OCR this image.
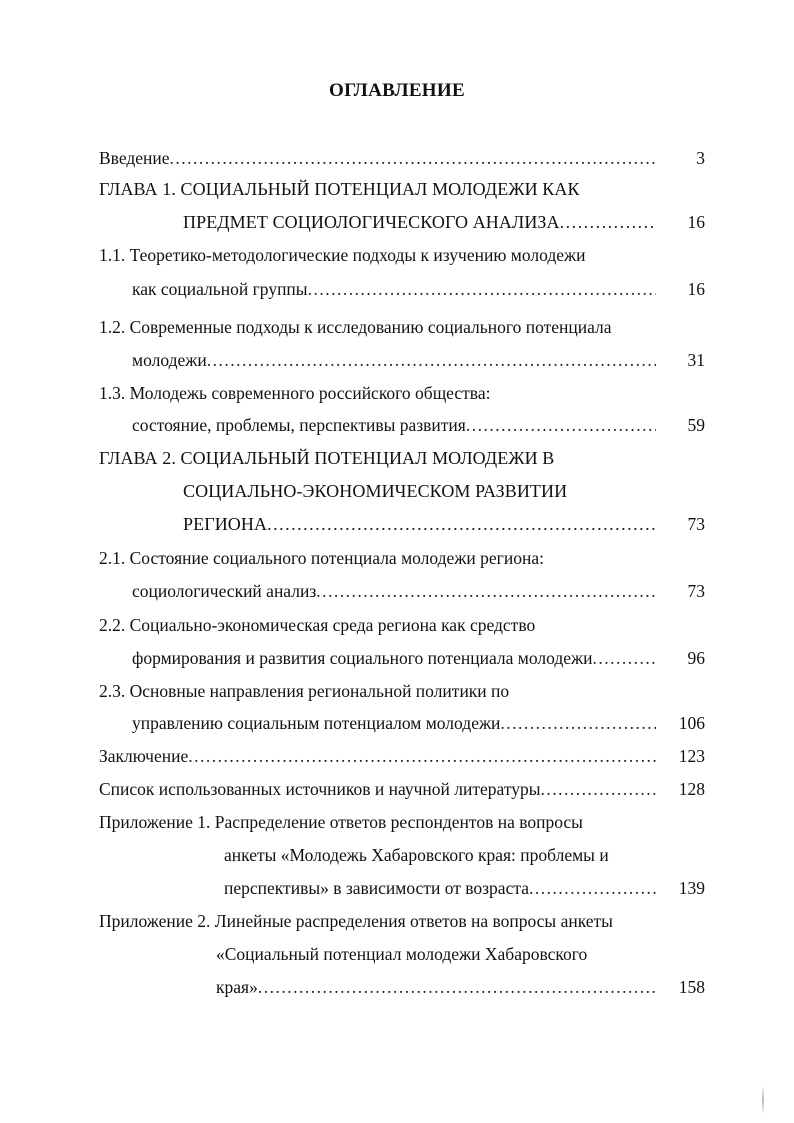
ОГЛАВЛЕНИЕ
Введение .....	3
ГЛАВА 1. СОЦИАЛЬНЫЙ ПОТЕНЦИАЛ МОЛОДЕЖИ КАК
ПРЕДМЕТ СОЦИОЛОГИЧЕСКОГО АНАЛИЗА .....	16
1.1. Теоретико-методологические подходы к изучению молодежи
как социальной группы .....	16
1.2. Современные подходы к исследованию социального потенциала
молодежи .....	31
1.3. Молодежь современного российского общества:
состояние, проблемы, перспективы развития .....	59
ГЛАВА 2. СОЦИАЛЬНЫЙ ПОТЕНЦИАЛ МОЛОДЕЖИ В
СОЦИАЛЬНО-ЭКОНОМИЧЕСКОМ РАЗВИТИИ
РЕГИОНА .....	73
2.1. Состояние социального потенциала молодежи региона:
социологический анализ .....	73
2.2. Социально-экономическая среда региона как средство
формирования и развития социального потенциала молодежи .....	96
2.3. Основные направления региональной политики по
управлению социальным потенциалом молодежи .....	106
Заключение .....	123
Список использованных источников и научной литературы .....	128
Приложение 1. Распределение ответов респондентов на вопросы
анкеты «Молодежь Хабаровского края: проблемы и
перспективы» в зависимости от возраста .....	139
Приложение 2. Линейные распределения ответов на вопросы анкеты
«Социальный потенциал молодежи Хабаровского
края» .....	158
